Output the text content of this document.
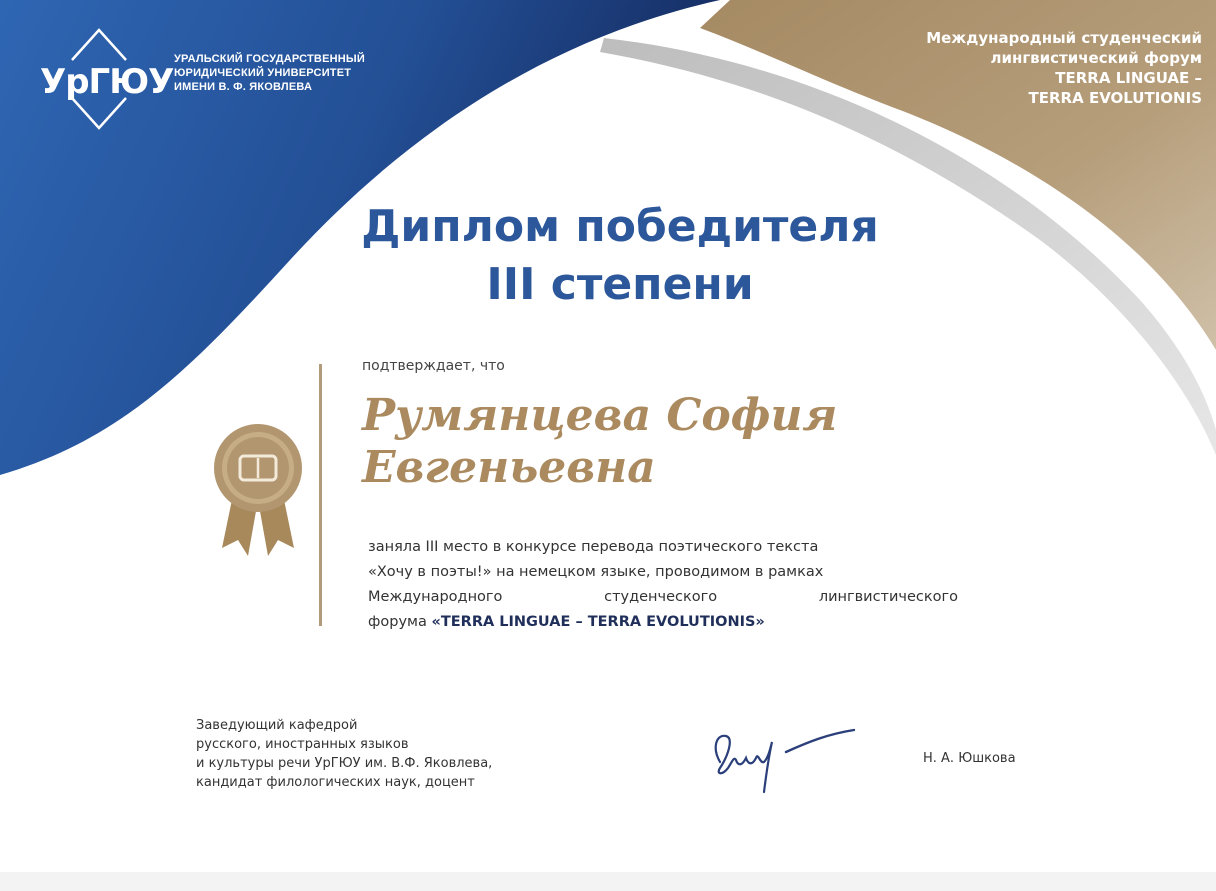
УрГЮУ
УРАЛЬСКИЙ ГОСУДАРСТВЕННЫЙ
ЮРИДИЧЕСКИЙ УНИВЕРСИТЕТ
ИМЕНИ В. Ф. ЯКОВЛЕВА
Международный студенческий
лингвистический форум
TERRA LINGUAE –
TERRA EVOLUTIONIS
Диплом победителя
III степени
подтверждает, что
Румянцева София
Евгеньевна
заняла III место в конкурсе перевода поэтического текста
«Хочу в поэты!» на немецком языке, проводимом в рамках
Международного студенческого лингвистического
форума «TERRA LINGUAE – TERRA EVOLUTIONIS»
Заведующий кафедрой
русского, иностранных языков
и культуры речи УрГЮУ им. В.Ф. Яковлева,
кандидат филологических наук, доцент
Н. А. Юшкова
